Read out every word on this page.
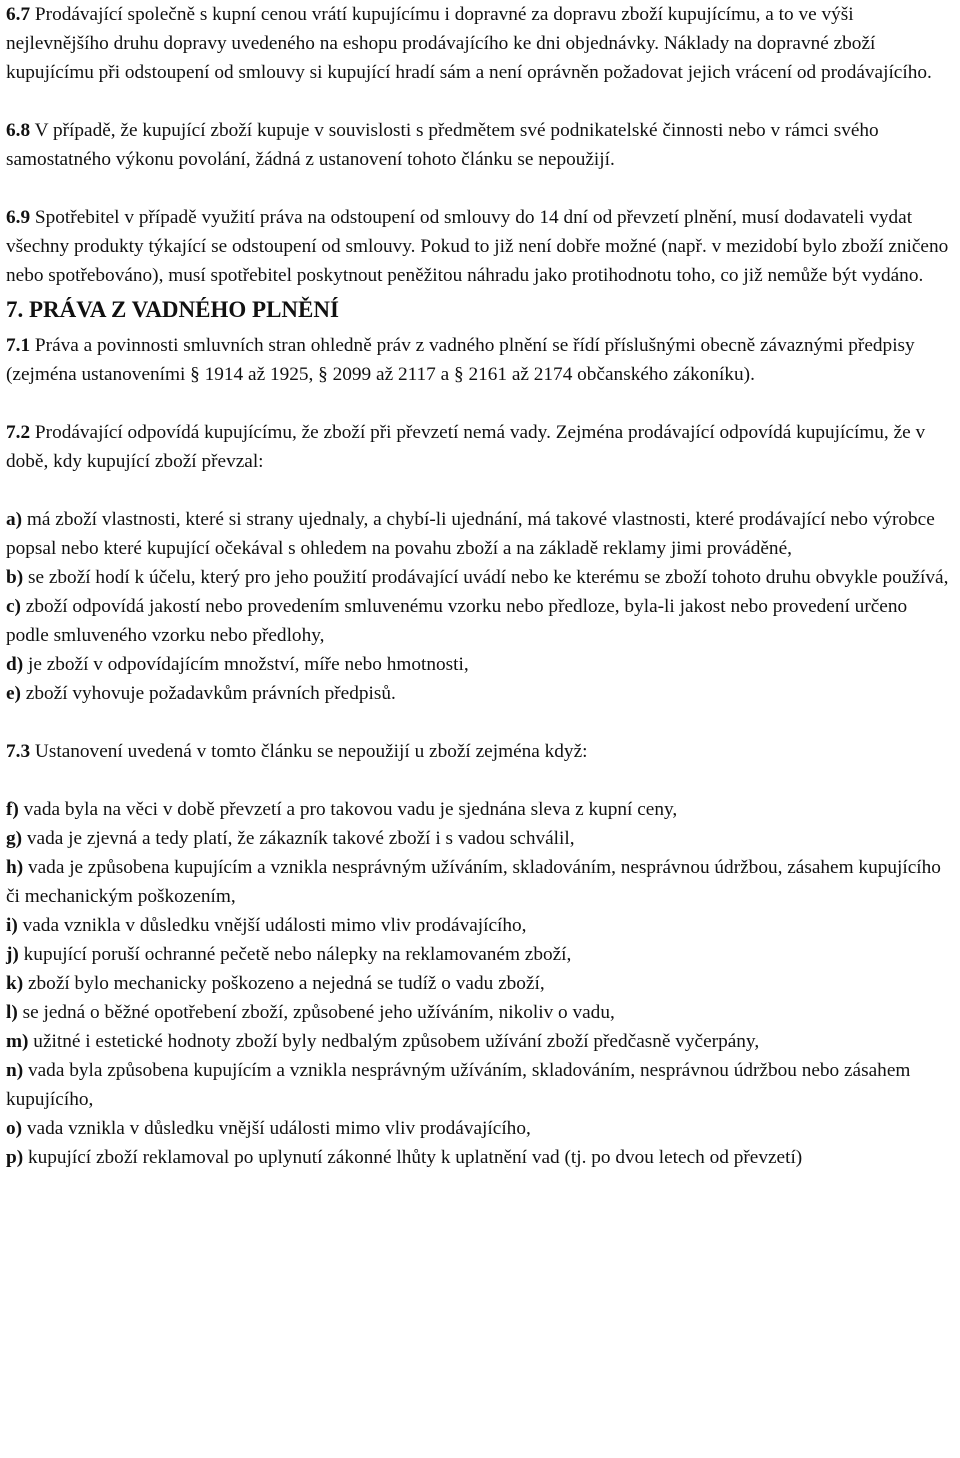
6.7 Prodávající společně s kupní cenou vrátí kupujícímu i dopravné za dopravu zboží kupujícímu, a to ve výši nejlevnějšího druhu dopravy uvedeného na eshopu prodávajícího ke dni objednávky. Náklady na dopravné zboží kupujícímu při odstoupení od smlouvy si kupující hradí sám a není oprávněn požadovat jejich vrácení od prodávajícího.

6.8 V případě, že kupující zboží kupuje v souvislosti s předmětem své podnikatelské činnosti nebo v rámci svého samostatného výkonu povolání, žádná z ustanovení tohoto článku se nepoužijí.

6.9 Spotřebitel v případě využití práva na odstoupení od smlouvy do 14 dní od převzetí plnění, musí dodavateli vydat všechny produkty týkající se odstoupení od smlouvy. Pokud to již není dobře možné (např. v mezidobí bylo zboží zničeno nebo spotřebováno), musí spotřebitel poskytnout peněžitou náhradu jako protihodnotu toho, co již nemůže být vydáno.

7. PRÁVA Z VADNÉHO PLNĚNÍ

7.1 Práva a povinnosti smluvních stran ohledně práv z vadného plnění se řídí příslušnými obecně závaznými předpisy (zejména ustanoveními § 1914 až 1925, § 2099 až 2117 a § 2161 až 2174 občanského zákoníku).

7.2 Prodávající odpovídá kupujícímu, že zboží při převzetí nemá vady. Zejména prodávající odpovídá kupujícímu, že v době, kdy kupující zboží převzal:

a) má zboží vlastnosti, které si strany ujednaly, a chybí-li ujednání, má takové vlastnosti, které prodávající nebo výrobce popsal nebo které kupující očekával s ohledem na povahu zboží a na základě reklamy jimi prováděné,

b) se zboží hodí k účelu, který pro jeho použití prodávající uvádí nebo ke kterému se zboží tohoto druhu obvykle používá,

c) zboží odpovídá jakostí nebo provedením smluvenému vzorku nebo předloze, byla-li jakost nebo provedení určeno podle smluveného vzorku nebo předlohy,

d) je zboží v odpovídajícím množství, míře nebo hmotnosti,

e) zboží vyhovuje požadavkům právních předpisů.

7.3 Ustanovení uvedená v tomto článku se nepoužijí u zboží zejména když:

f) vada byla na věci v době převzetí a pro takovou vadu je sjednána sleva z kupní ceny,

g) vada je zjevná a tedy platí, že zákazník takové zboží i s vadou schválil,

h) vada je způsobena kupujícím a vznikla nesprávným užíváním, skladováním, nesprávnou údržbou, zásahem kupujícího či mechanickým poškozením,

i) vada vznikla v důsledku vnější události mimo vliv prodávajícího,

j) kupující poruší ochranné pečetě nebo nálepky na reklamovaném zboží,

k) zboží bylo mechanicky poškozeno a nejedná se tudíž o vadu zboží,

l) se jedná o běžné opotřebení zboží, způsobené jeho užíváním, nikoliv o vadu,

m) užitné i estetické hodnoty zboží byly nedbalým způsobem užívání zboží předčasně vyčerpány,

n) vada byla způsobena kupujícím a vznikla nesprávným užíváním, skladováním, nesprávnou údržbou nebo zásahem kupujícího,

o) vada vznikla v důsledku vnější události mimo vliv prodávajícího,

p) kupující zboží reklamoval po uplynutí zákonné lhůty k uplatnění vad (tj. po dvou letech od převzetí)
